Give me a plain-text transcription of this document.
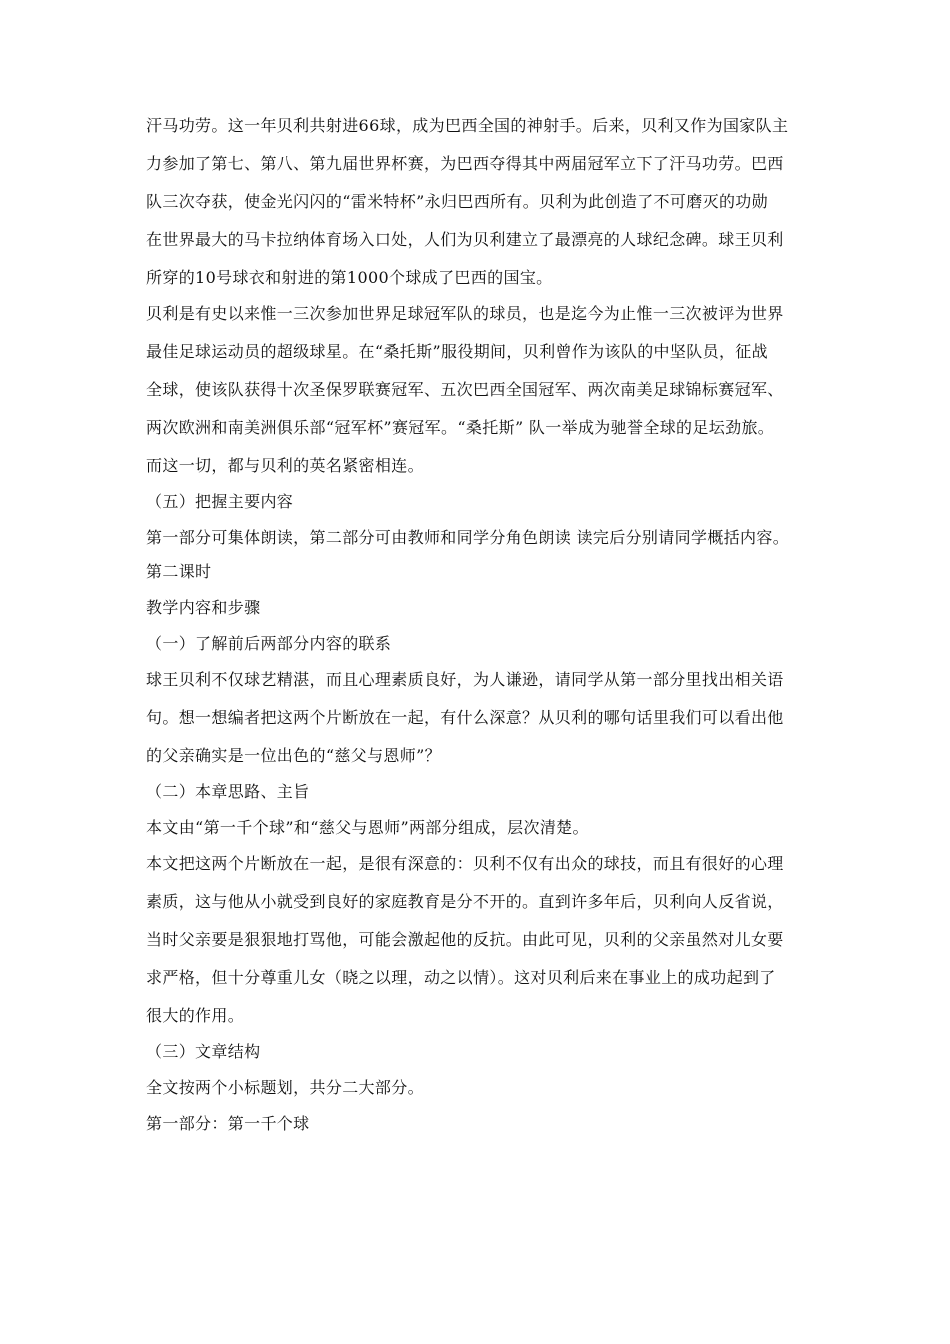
汗马功劳。这一年贝利共射进66球，成为巴西全国的神射手。后来，贝利又作为国家队主
力参加了第七、第八、第九届世界杯赛，为巴西夺得其中两届冠军立下了汗马功劳。巴西
队三次夺获，使金光闪闪的“雷米特杯”永归巴西所有。贝利为此创造了不可磨灭的功勋
在世界最大的马卡拉纳体育场入口处，人们为贝利建立了最漂亮的人球纪念碑。球王贝利
所穿的10号球衣和射进的第1000个球成了巴西的国宝。
贝利是有史以来惟一三次参加世界足球冠军队的球员，也是迄今为止惟一三次被评为世界
最佳足球运动员的超级球星。在“桑托斯”服役期间，贝利曾作为该队的中坚队员，征战
全球，使该队获得十次圣保罗联赛冠军、五次巴西全国冠军、两次南美足球锦标赛冠军、
两次欧洲和南美洲俱乐部“冠军杯”赛冠军。“桑托斯” 队一举成为驰誉全球的足坛劲旅。
而这一切，都与贝利的英名紧密相连。
（五）把握主要内容
第一部分可集体朗读，第二部分可由教师和同学分角色朗读 读完后分别请同学概括内容。
第二课时
教学内容和步骤
（一）了解前后两部分内容的联系
球王贝利不仅球艺精湛，而且心理素质良好，为人谦逊，请同学从第一部分里找出相关语
句。想一想编者把这两个片断放在一起，有什么深意？从贝利的哪句话里我们可以看出他
的父亲确实是一位出色的“慈父与恩师”？
（二）本章思路、主旨
本文由“第一千个球”和“慈父与恩师”两部分组成，层次清楚。
本文把这两个片断放在一起，是很有深意的：贝利不仅有出众的球技，而且有很好的心理
素质，这与他从小就受到良好的家庭教育是分不开的。直到许多年后，贝利向人反省说，
当时父亲要是狠狠地打骂他，可能会激起他的反抗。由此可见，贝利的父亲虽然对儿女要
求严格，但十分尊重儿女（晓之以理，动之以情）。这对贝利后来在事业上的成功起到了
很大的作用。
（三）文章结构
全文按两个小标题划，共分二大部分。
第一部分：第一千个球
